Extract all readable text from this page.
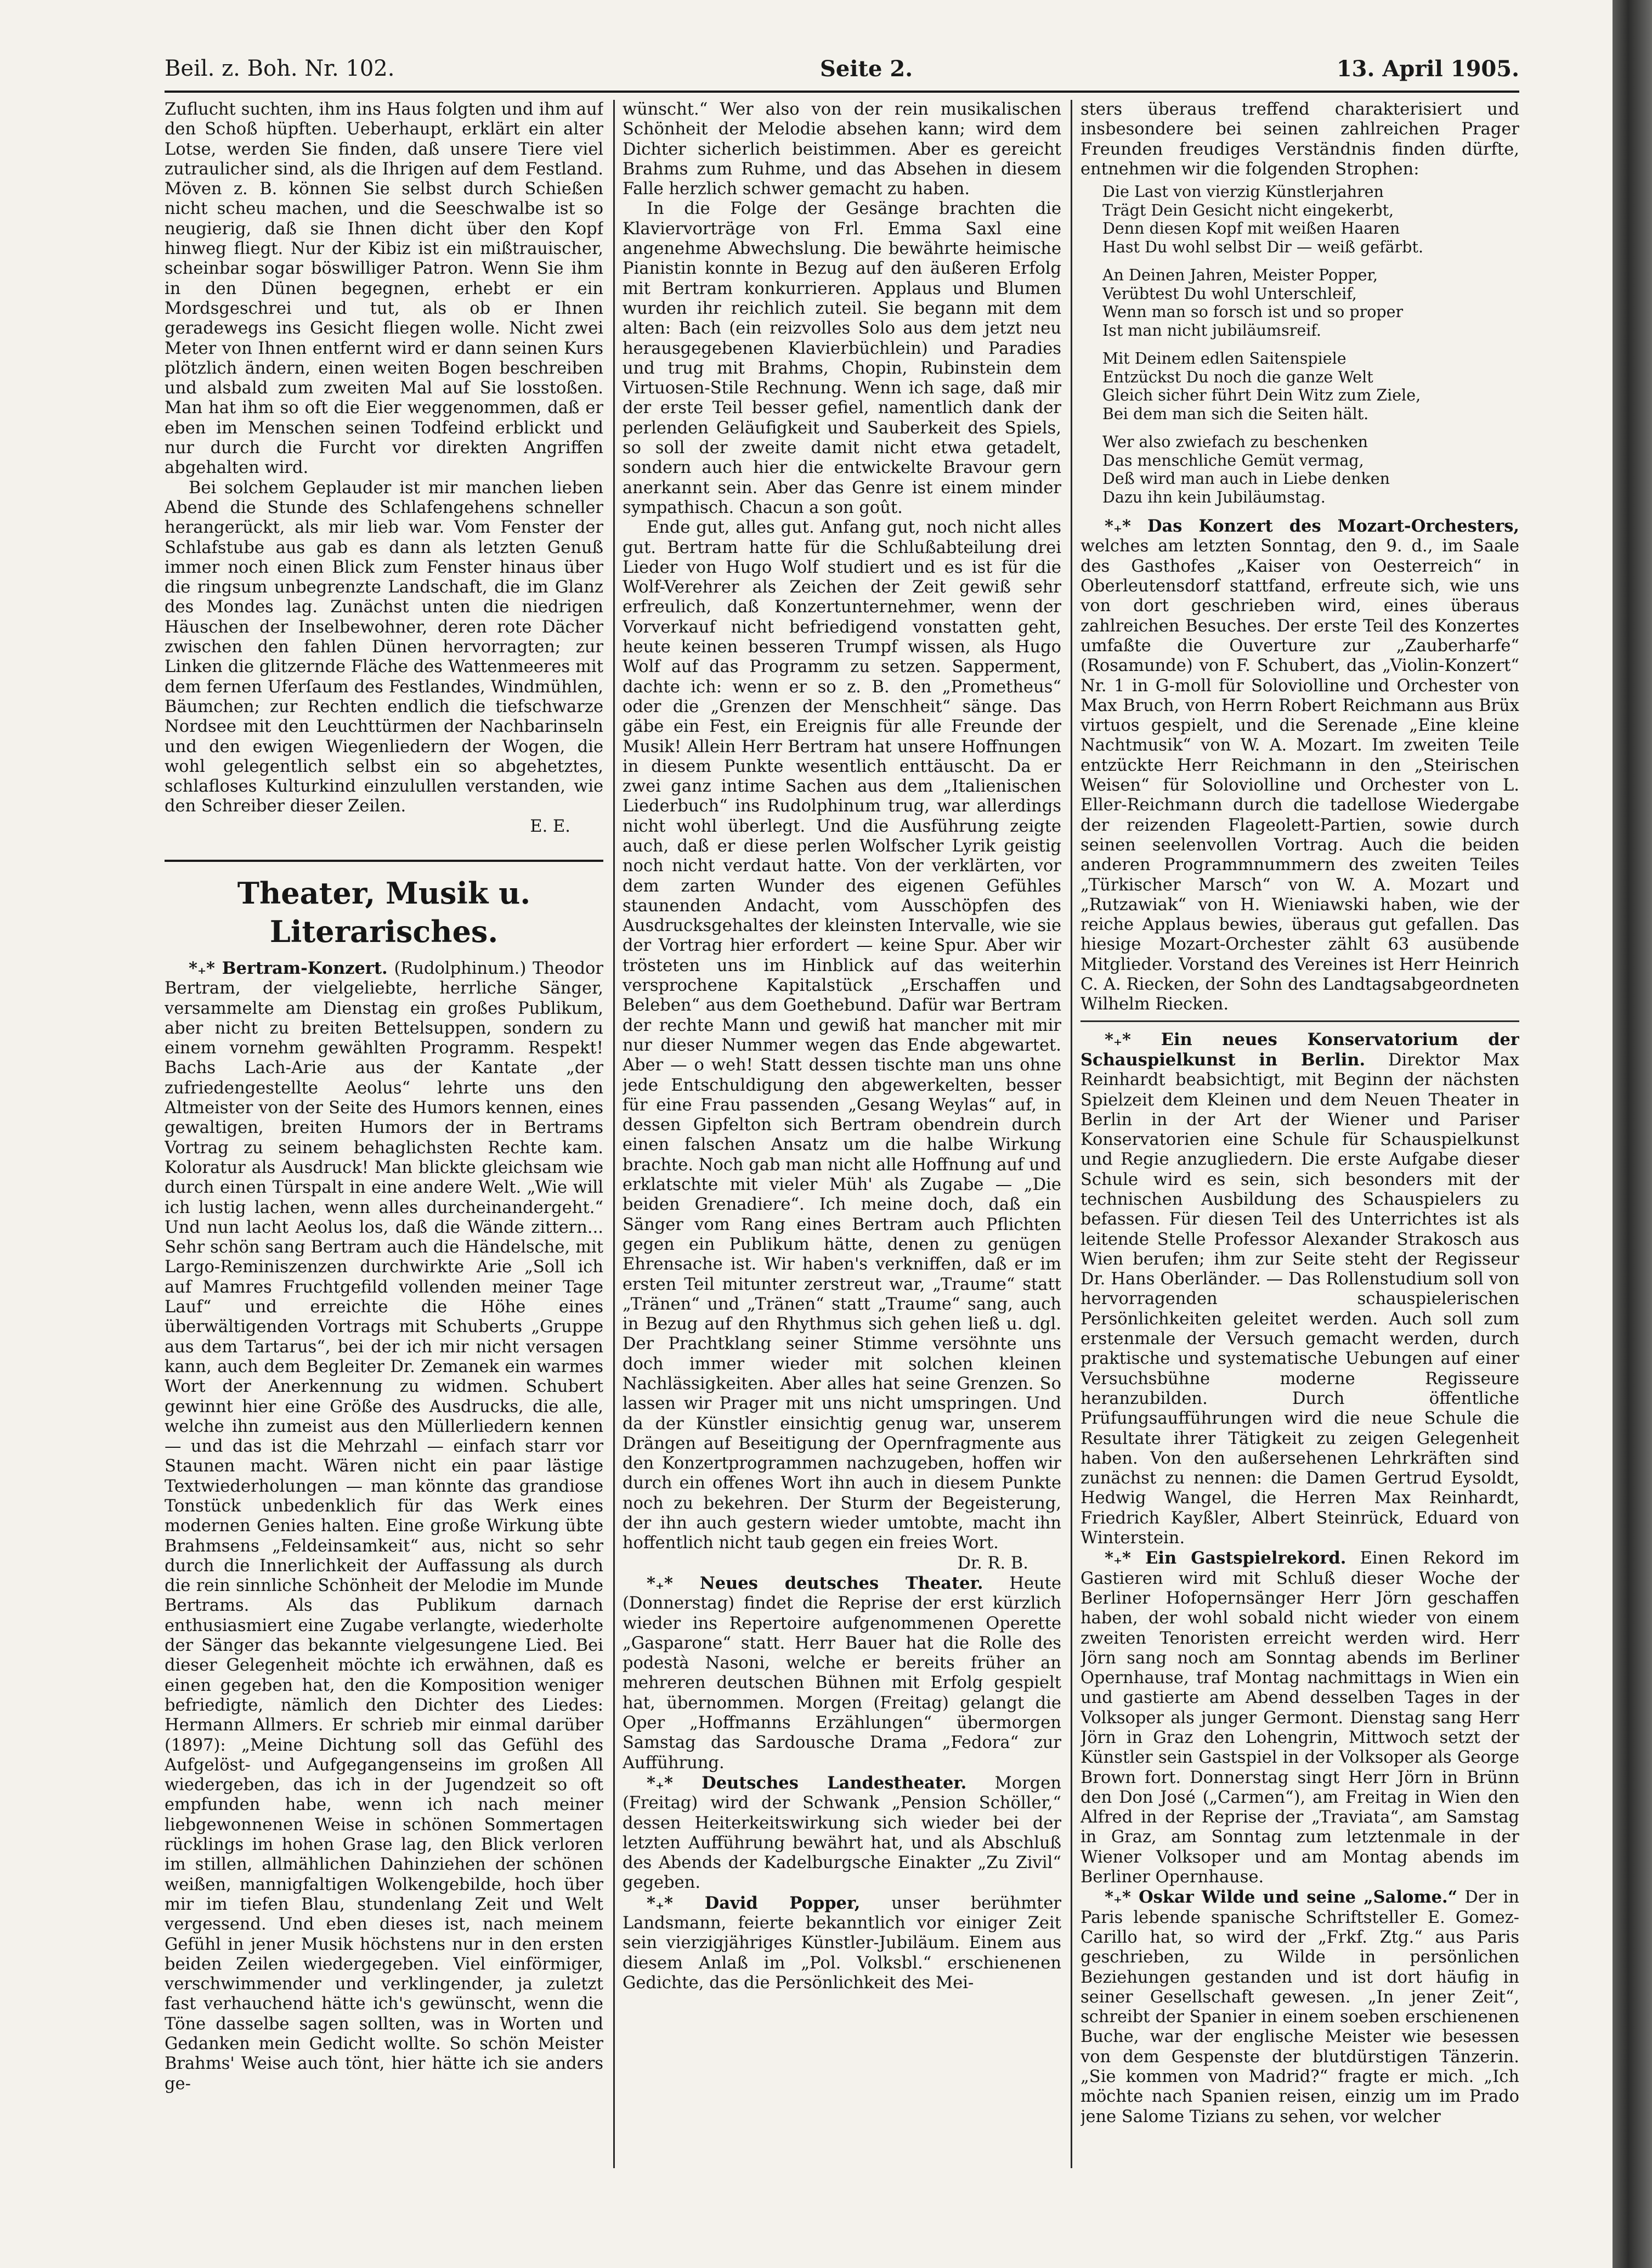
Beil. z. Boh. Nr. 102.	Seite 2.	13. April 1905.

Zuflucht suchten, ihm ins Haus folgten und ihm auf den Schoß hüpften. Ueberhaupt, erklärt ein alter Lotse, werden Sie finden, daß unsere Tiere viel zutraulicher sind, als die Ihrigen auf dem Festland. Möven z. B. können Sie selbst durch Schießen nicht scheu machen, und die Seeschwalbe ist so neugierig, daß sie Ihnen dicht über den Kopf hinweg fliegt. Nur der Kibiz ist ein mißtrauischer, scheinbar sogar böswilliger Patron. Wenn Sie ihm in den Dünen begegnen, erhebt er ein Mordsgeschrei und tut, als ob er Ihnen geradewegs ins Gesicht fliegen wolle. Nicht zwei Meter von Ihnen entfernt wird er dann seinen Kurs plötzlich ändern, einen weiten Bogen beschreiben und alsbald zum zweiten Mal auf Sie losstoßen. Man hat ihm so oft die Eier weggenommen, daß er eben im Menschen seinen Todfeind erblickt und nur durch die Furcht vor direkten Angriffen abgehalten wird.

Bei solchem Geplauder ist mir manchen lieben Abend die Stunde des Schlafengehens schneller herangerückt, als mir lieb war. Vom Fenster der Schlafstube aus gab es dann als letzten Genuß immer noch einen Blick zum Fenster hinaus über die ringsum unbegrenzte Landschaft, die im Glanz des Mondes lag. Zunächst unten die niedrigen Häuschen der Inselbewohner, deren rote Dächer zwischen den fahlen Dünen hervorragten; zur Linken die glitzernde Fläche des Wattenmeeres mit dem fernen Uferſaum des Festlandes, Windmühlen, Bäumchen; zur Rechten endlich die tiefschwarze Nordsee mit den Leuchttürmen der Nachbarinseln und den ewigen Wiegenliedern der Wogen, die wohl gelegentlich selbst ein so abgehetztes, schlafloses Kulturkind einzulullen verstanden, wie den Schreiber dieser Zeilen.

E. E.
Theater, Musik u. Literarisches.

*₊* Bertram-Konzert. (Rudolphinum.) Theodor Bertram, der vielgeliebte, herrliche Sänger, versammelte am Dienstag ein großes Publikum, aber nicht zu breiten Bettelsuppen, sondern zu einem vornehm gewählten Programm. Respekt! Bachs Lach-Arie aus der Kantate „der zufriedengestellte Aeolus“ lehrte uns den Altmeister von der Seite des Humors kennen, eines gewaltigen, breiten Humors der in Bertrams Vortrag zu seinem behaglichsten Rechte kam. Koloratur als Ausdruck! Man blickte gleichsam wie durch einen Türspalt in eine andere Welt. „Wie will ich lustig lachen, wenn alles durcheinandergeht.“ Und nun lacht Aeolus los, daß die Wände zittern... Sehr schön sang Bertram auch die Händelsche, mit Largo-Reminiszenzen durchwirkte Arie „Soll ich auf Mamres Fruchtgefild vollenden meiner Tage Lauf“ und erreichte die Höhe eines überwältigenden Vortrags mit Schuberts „Gruppe aus dem Tartarus“, bei der ich mir nicht versagen kann, auch dem Begleiter Dr. Zemanek ein warmes Wort der Anerkennung zu widmen. Schubert gewinnt hier eine Größe des Ausdrucks, die alle, welche ihn zumeist aus den Müllerliedern kennen — und das ist die Mehrzahl — einfach starr vor Staunen macht. Wären nicht ein paar lästige Textwiederholungen — man könnte das grandiose Tonstück unbedenklich für das Werk eines modernen Genies halten. Eine große Wirkung übte Brahmsens „Feldeinsamkeit“ aus, nicht so sehr durch die Innerlichkeit der Auffassung als durch die rein sinnliche Schönheit der Melodie im Munde Bertrams. Als das Publikum darnach enthusiasmiert eine Zugabe verlangte, wiederholte der Sänger das bekannte vielgesungene Lied. Bei dieser Gelegenheit möchte ich erwähnen, daß es einen gegeben hat, den die Komposition weniger befriedigte, nämlich den Dichter des Liedes: Hermann Allmers. Er schrieb mir einmal darüber (1897): „Meine Dichtung soll das Gefühl des Aufgelöst- und Aufgegangenseins im großen All wiedergeben, das ich in der Jugendzeit so oft empfunden habe, wenn ich nach meiner liebgewonnenen Weise in schönen Sommertagen rücklings im hohen Grase lag, den Blick verloren im stillen, allmählichen Dahinziehen der schönen weißen, mannigfaltigen Wolkengebilde, hoch über mir im tiefen Blau, stundenlang Zeit und Welt vergessend. Und eben dieses ist, nach meinem Gefühl in jener Musik höchstens nur in den ersten beiden Zeilen wiedergegeben. Viel einförmiger, verschwimmender und verklingender, ja zuletzt fast verhauchend hätte ich's gewünscht, wenn die Töne dasselbe sagen sollten, was in Worten und Gedanken mein Gedicht wollte. So schön Meister Brahms' Weise auch tönt, hier hätte ich sie anders ge-

wünscht.“ Wer also von der rein musikalischen Schönheit der Melodie absehen kann; wird dem Dichter sicherlich beistimmen. Aber es gereicht Brahms zum Ruhme, und das Absehen in diesem Falle herzlich schwer gemacht zu haben.

In die Folge der Gesänge brachten die Klaviervorträge von Frl. Emma Saxl eine angenehme Abwechslung. Die bewährte heimische Pianistin konnte in Bezug auf den äußeren Erfolg mit Bertram konkurrieren. Applaus und Blumen wurden ihr reichlich zuteil. Sie begann mit dem alten: Bach (ein reizvolles Solo aus dem jetzt neu herausgegebenen Klavierbüchlein) und Paradies und trug mit Brahms, Chopin, Rubinstein dem Virtuosen-Stile Rechnung. Wenn ich sage, daß mir der erste Teil besser gefiel, namentlich dank der perlenden Geläufigkeit und Sauberkeit des Spiels, so soll der zweite damit nicht etwa getadelt, sondern auch hier die entwickelte Bravour gern anerkannt sein. Aber das Genre ist einem minder sympathisch. Chacun a son goût.

Ende gut, alles gut. Anfang gut, noch nicht alles gut. Bertram hatte für die Schlußabteilung drei Lieder von Hugo Wolf studiert und es ist für die Wolf-Verehrer als Zeichen der Zeit gewiß sehr erfreulich, daß Konzertunternehmer, wenn der Vorverkauf nicht befriedigend vonstatten geht, heute keinen besseren Trumpf wissen, als Hugo Wolf auf das Programm zu setzen. Sapperment, dachte ich: wenn er so z. B. den „Prometheus“ oder die „Grenzen der Menschheit“ sänge. Das gäbe ein Fest, ein Ereignis für alle Freunde der Musik! Allein Herr Bertram hat unsere Hoffnungen in diesem Punkte wesentlich enttäuscht. Da er zwei ganz intime Sachen aus dem „Italienischen Liederbuch“ ins Rudolphinum trug, war allerdings nicht wohl überlegt. Und die Ausführung zeigte auch, daß er diese perlen Wolfscher Lyrik geistig noch nicht verdaut hatte. Von der verklärten, vor dem zarten Wunder des eigenen Gefühles staunenden Andacht, vom Ausschöpfen des Ausdrucksgehaltes der kleinsten Intervalle, wie sie der Vortrag hier erfordert — keine Spur. Aber wir trösteten uns im Hinblick auf das weiterhin versprochene Kapitalstück „Erschaffen und Beleben“ aus dem Goethebund. Dafür war Bertram der rechte Mann und gewiß hat mancher mit mir nur dieser Nummer wegen das Ende abgewartet. Aber — o weh! Statt dessen tischte man uns ohne jede Entschuldigung den abgewerkelten, besser für eine Frau passenden „Gesang Weylas“ auf, in dessen Gipfelton sich Bertram obendrein durch einen falschen Ansatz um die halbe Wirkung brachte. Noch gab man nicht alle Hoffnung auf und erklatschte mit vieler Müh' als Zugabe — „Die beiden Grenadiere“. Ich meine doch, daß ein Sänger vom Rang eines Bertram auch Pflichten gegen ein Publikum hätte, denen zu genügen Ehrensache ist. Wir haben's verkniffen, daß er im ersten Teil mitunter zerstreut war, „Traume“ statt „Tränen“ und „Tränen“ statt „Traume“ sang, auch in Bezug auf den Rhythmus sich gehen ließ u. dgl. Der Prachtklang seiner Stimme versöhnte uns doch immer wieder mit solchen kleinen Nachlässigkeiten. Aber alles hat seine Grenzen. So lassen wir Prager mit uns nicht umspringen. Und da der Künstler einsichtig genug war, unserem Drängen auf Beseitigung der Opernfragmente aus den Konzertprogrammen nachzugeben, hoffen wir durch ein offenes Wort ihn auch in diesem Punkte noch zu bekehren. Der Sturm der Begeisterung, der ihn auch gestern wieder umtobte, macht ihn hoffentlich nicht taub gegen ein freies Wort.

Dr. R. B.

*₊* Neues deutsches Theater. Heute (Donnerstag) findet die Reprise der erst kürzlich wieder ins Repertoire aufgenommenen Operette „Gasparone“ statt. Herr Bauer hat die Rolle des podestà Nasoni, welche er bereits früher an mehreren deutschen Bühnen mit Erfolg gespielt hat, übernommen. Morgen (Freitag) gelangt die Oper „Hoffmanns Erzählungen“ übermorgen Samstag das Sardousche Drama „Fedora“ zur Aufführung.

*₊* Deutsches Landestheater. Morgen (Freitag) wird der Schwank „Pension Schöller,“ dessen Heiterkeitswirkung sich wieder bei der letzten Aufführung bewährt hat, und als Abschluß des Abends der Kadelburgsche Einakter „Zu Zivil“ gegeben.

*₊* David Popper, unser berühmter Landsmann, feierte bekanntlich vor einiger Zeit sein vierzigjähriges Künstler-Jubiläum. Einem aus diesem Anlaß im „Pol. Volksbl.“ erschienenen Gedichte, das die Persönlichkeit des Mei-

sters überaus treffend charakterisiert und insbesondere bei seinen zahlreichen Prager Freunden freudiges Verständnis finden dürfte, entnehmen wir die folgenden Strophen:

Die Last von vierzig Künstlerjahren
Trägt Dein Gesicht nicht eingekerbt,
Denn diesen Kopf mit weißen Haaren
Hast Du wohl selbst Dir — weiß gefärbt.
An Deinen Jahren, Meister Popper,
Verübtest Du wohl Unterschleif,
Wenn man so forsch ist und so proper
Ist man nicht jubiläumsreif.
Mit Deinem edlen Saitenspiele
Entzückst Du noch die ganze Welt
Gleich sicher führt Dein Witz zum Ziele,
Bei dem man sich die Seiten hält.
Wer also zwiefach zu beschenken
Das menschliche Gemüt vermag,
Deß wird man auch in Liebe denken
Dazu ihn kein Jubiläumstag.

*₊* Das Konzert des Mozart-Orchesters, welches am letzten Sonntag, den 9. d., im Saale des Gasthofes „Kaiser von Oesterreich“ in Oberleutensdorf stattfand, erfreute sich, wie uns von dort geschrieben wird, eines überaus zahlreichen Besuches. Der erste Teil des Konzertes umfaßte die Ouverture zur „Zauberharfe“ (Rosamunde) von F. Schubert, das „Violin-Konzert“ Nr. 1 in G-moll für Soloviolline und Orchester von Max Bruch, von Herrn Robert Reichmann aus Brüx virtuos gespielt, und die Serenade „Eine kleine Nachtmusik“ von W. A. Mozart. Im zweiten Teile entzückte Herr Reichmann in den „Steirischen Weisen“ für Soloviolline und Orchester von L. Eller-Reichmann durch die tadellose Wiedergabe der reizenden Flageolett-Partien, sowie durch seinen seelenvollen Vortrag. Auch die beiden anderen Programmnummern des zweiten Teiles „Türkischer Marsch“ von W. A. Mozart und „Rutzawiak“ von H. Wieniawski haben, wie der reiche Applaus bewies, überaus gut gefallen. Das hiesige Mozart-Orchester zählt 63 ausübende Mitglieder. Vorstand des Vereines ist Herr Heinrich C. A. Riecken, der Sohn des Landtagsabgeordneten Wilhelm Riecken.

*₊* Ein neues Konservatorium der Schauspielkunst in Berlin. Direktor Max Reinhardt beabsichtigt, mit Beginn der nächsten Spielzeit dem Kleinen und dem Neuen Theater in Berlin in der Art der Wiener und Pariser Konservatorien eine Schule für Schauspielkunst und Regie anzugliedern. Die erste Aufgabe dieser Schule wird es sein, sich besonders mit der technischen Ausbildung des Schauspielers zu befassen. Für diesen Teil des Unterrichtes ist als leitende Stelle Professor Alexander Strakosch aus Wien berufen; ihm zur Seite steht der Regisseur Dr. Hans Oberländer. — Das Rollenstudium soll von hervorragenden schauspielerischen Persönlichkeiten geleitet werden. Auch soll zum erstenmale der Versuch gemacht werden, durch praktische und systematische Uebungen auf einer Versuchsbühne moderne Regisseure heranzubilden. Durch öffentliche Prüfungsaufführungen wird die neue Schule die Resultate ihrer Tätigkeit zu zeigen Gelegenheit haben. Von den außersehenen Lehrkräften sind zunächst zu nennen: die Damen Gertrud Eysoldt, Hedwig Wangel, die Herren Max Reinhardt, Friedrich Kayßler, Albert Steinrück, Eduard von Winterstein.

*₊* Ein Gastspielrekord. Einen Rekord im Gastieren wird mit Schluß dieser Woche der Berliner Hofopernsänger Herr Jörn geschaffen haben, der wohl sobald nicht wieder von einem zweiten Tenoristen erreicht werden wird. Herr Jörn sang noch am Sonntag abends im Berliner Opernhause, traf Montag nachmittags in Wien ein und gastierte am Abend desselben Tages in der Volksoper als junger Germont. Dienstag sang Herr Jörn in Graz den Lohengrin, Mittwoch setzt der Künstler sein Gastspiel in der Volksoper als George Brown fort. Donnerstag singt Herr Jörn in Brünn den Don José („Carmen“), am Freitag in Wien den Alfred in der Reprise der „Traviata“, am Samstag in Graz, am Sonntag zum letztenmale in der Wiener Volksoper und am Montag abends im Berliner Opernhause.

*₊* Oskar Wilde und seine „Salome.“ Der in Paris lebende spanische Schriftsteller E. Gomez-Carillo hat, so wird der „Frkf. Ztg.“ aus Paris geschrieben, zu Wilde in persönlichen Beziehungen gestanden und ist dort häufig in seiner Gesellschaft gewesen. „In jener Zeit“, schreibt der Spanier in einem soeben erschienenen Buche, war der englische Meister wie besessen von dem Gespenste der blutdürstigen Tänzerin. „Sie kommen von Madrid?“ fragte er mich. „Ich möchte nach Spanien reisen, einzig um im Prado jene Salome Tizians zu sehen, vor welcher
